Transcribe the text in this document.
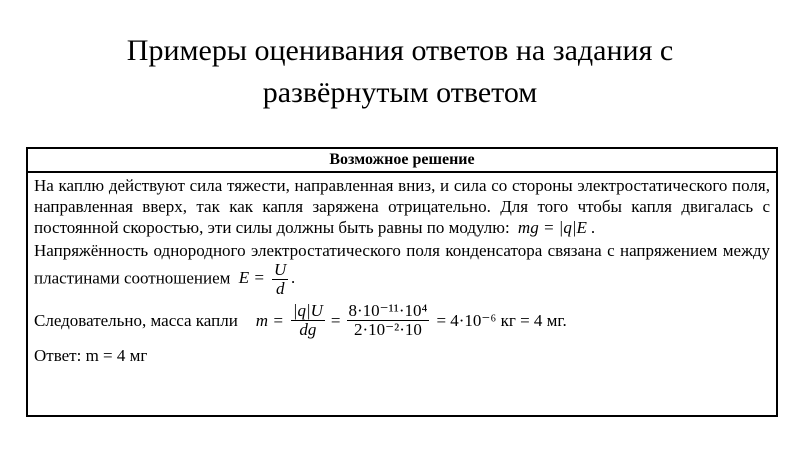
Примеры оценивания ответов на задания с
развёрнутым ответом
Возможное решение

На каплю действуют сила тяжести, направленная вниз, и сила со стороны электростатического поля, направленная вверх, так как капля заряжена отрицательно. Для того чтобы капля двигалась с постоянной скоростью, эти силы должны быть равны по модулю: mg = |q|E .

Напряжённость однородного электростатического поля конденсатора связана с напряжением между пластинами соотношением $E = \frac{U}{d}$ .

Следовательно, масса капли $m = \frac{|q|U}{dg} = \frac{\text{8·10⁻¹¹·10⁴}}{\text{2·10⁻²·10}} = 4\cdot 10^{-6}$ кг = 4 мг.
Ответ: m = 4 мг
